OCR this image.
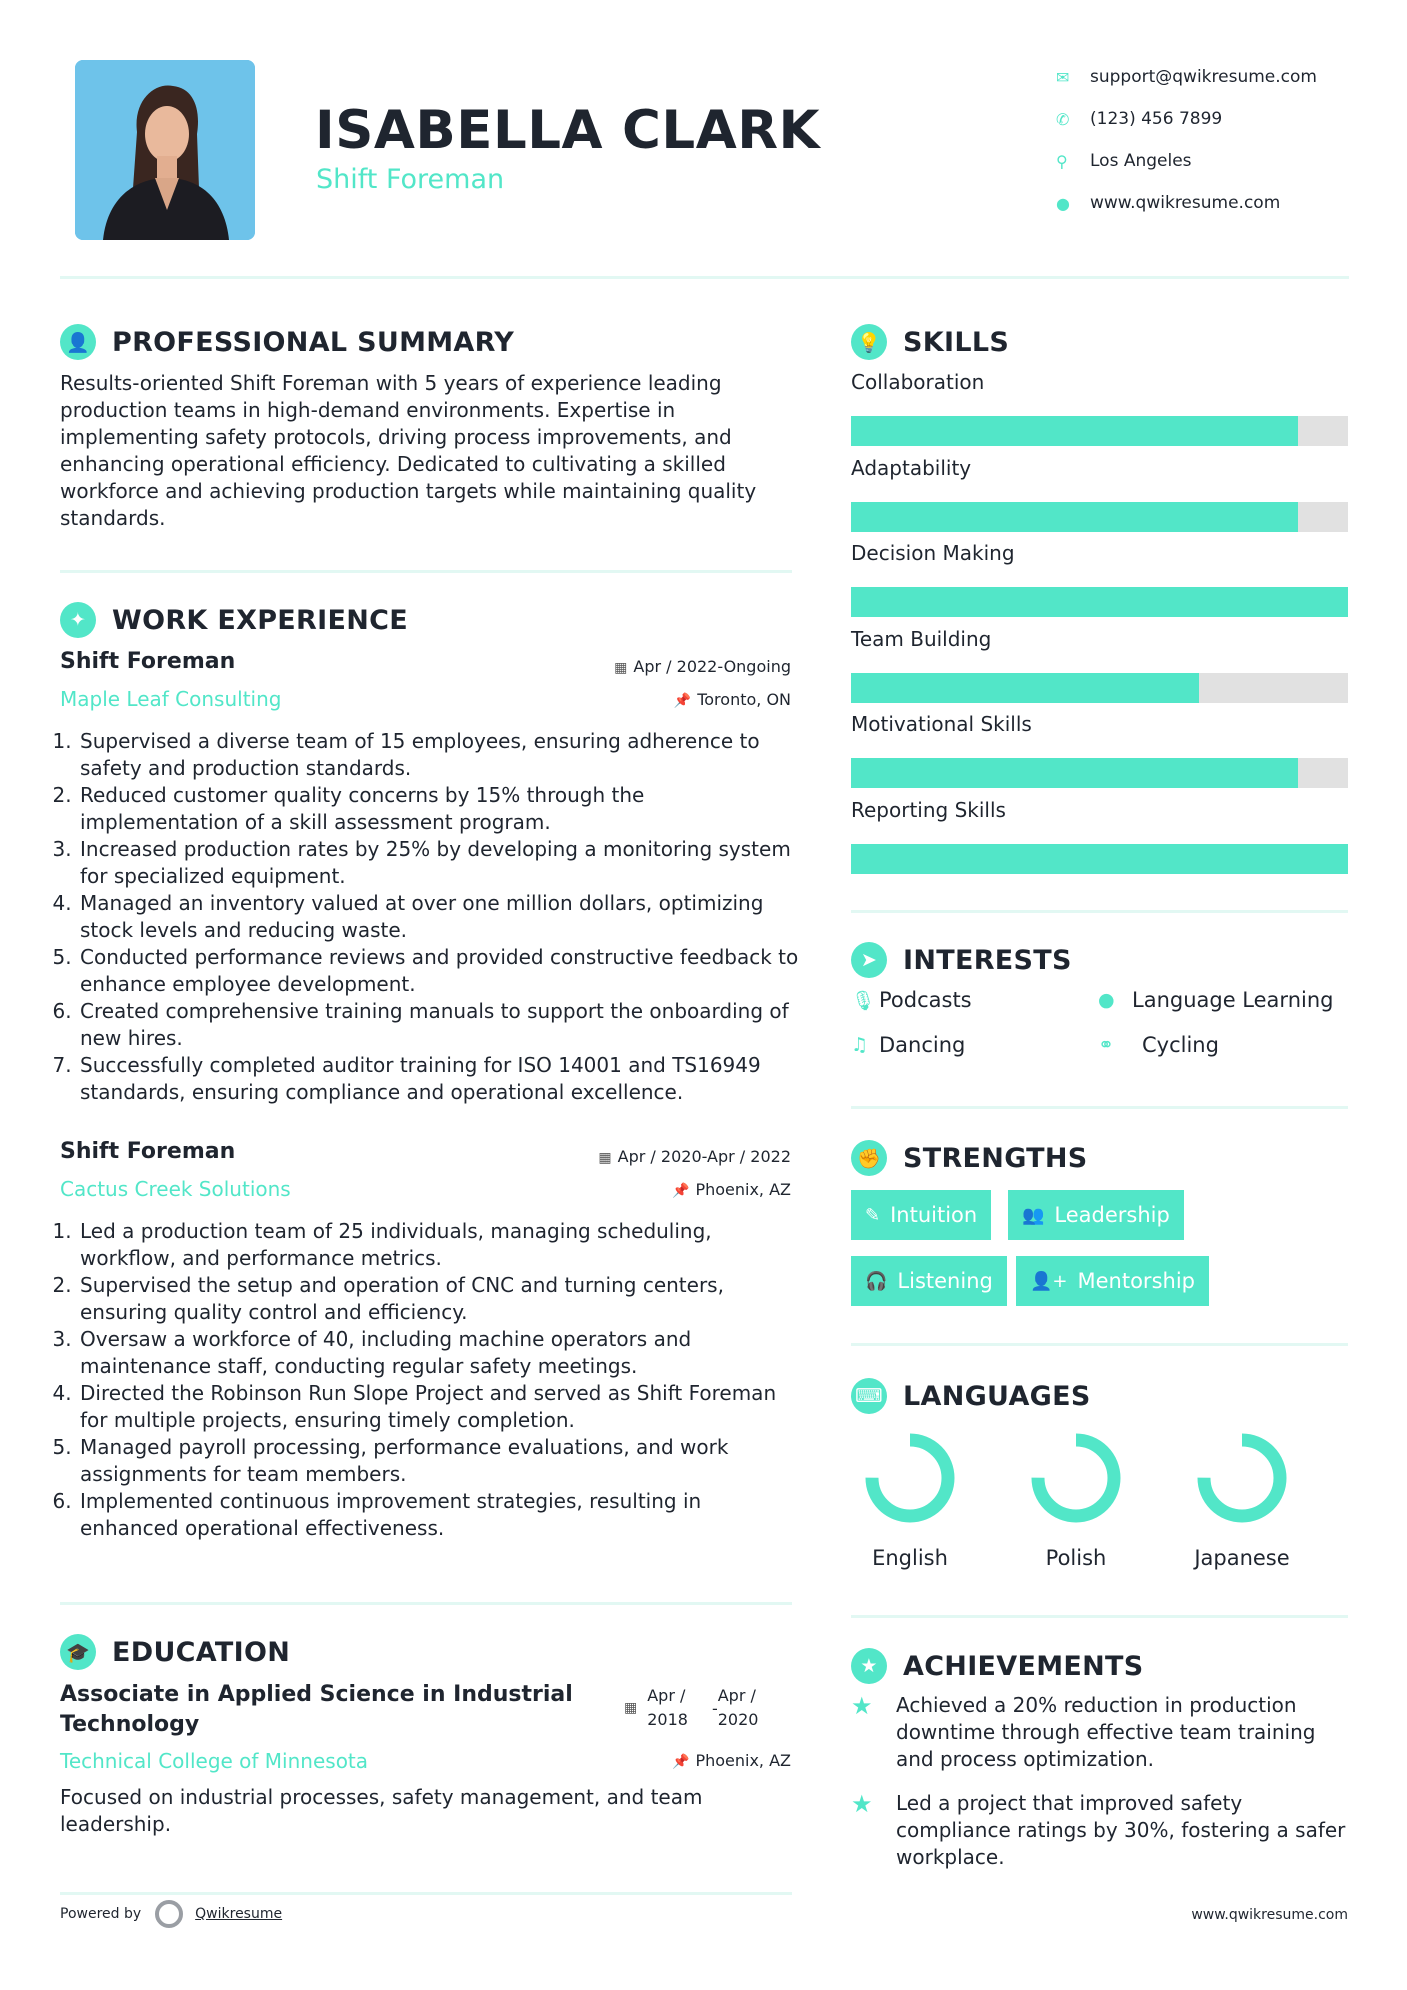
ISABELLA CLARK
Shift Foreman
✉	support@qwikresume.com
✆	(123) 456 7899
⚲	Los Angeles
●	www.qwikresume.com
👤 PROFESSIONAL SUMMARY
Results-oriented Shift Foreman with 5 years of experience leading production teams in high-demand environments. Expertise in implementing safety protocols, driving process improvements, and enhancing operational efficiency. Dedicated to cultivating a skilled workforce and achieving production targets while maintaining quality standards.
✦ WORK EXPERIENCE
Shift Foreman
Maple Leaf Consulting
▦ Apr / 2022-Ongoing
📌 Toronto, ON
1. Supervised a diverse team of 15 employees, ensuring adherence to safety and production standards.
2. Reduced customer quality concerns by 15% through the implementation of a skill assessment program.
3. Increased production rates by 25% by developing a monitoring system for specialized equipment.
4. Managed an inventory valued at over one million dollars, optimizing stock levels and reducing waste.
5. Conducted performance reviews and provided constructive feedback to enhance employee development.
6. Created comprehensive training manuals to support the onboarding of new hires.
7. Successfully completed auditor training for ISO 14001 and TS16949 standards, ensuring compliance and operational excellence.
Shift Foreman
Cactus Creek Solutions
▦ Apr / 2020-Apr / 2022
📌 Phoenix, AZ
1. Led a production team of 25 individuals, managing scheduling, workflow, and performance metrics.
2. Supervised the setup and operation of CNC and turning centers, ensuring quality control and efficiency.
3. Oversaw a workforce of 40, including machine operators and maintenance staff, conducting regular safety meetings.
4. Directed the Robinson Run Slope Project and served as Shift Foreman for multiple projects, ensuring timely completion.
5. Managed payroll processing, performance evaluations, and work assignments for team members.
6. Implemented continuous improvement strategies, resulting in enhanced operational effectiveness.
🎓 EDUCATION
Associate in Applied Science in Industrial Technology
▦
Apr /
2018
-
Apr /
2020
Technical College of Minnesota	📌 Phoenix, AZ
Focused on industrial processes, safety management, and team leadership.
Powered by	Qwikresume	www.qwikresume.com
💡 SKILLS
Collaboration
Adaptability
Decision Making
Team Building
Motivational Skills
Reporting Skills
➤ INTERESTS
🎙 Podcasts	● Language Learning
♫ Dancing	⚭	Cycling
✊ STRENGTHS
✎ Intuition 👥 Leadership
🎧 Listening 👤+ Mentorship
⌨ LANGUAGES
English	Polish	Japanese
★ ACHIEVEMENTS
★	Achieved a 20% reduction in production downtime through effective team training and process optimization.
★	Led a project that improved safety compliance ratings by 30%, fostering a safer workplace.
